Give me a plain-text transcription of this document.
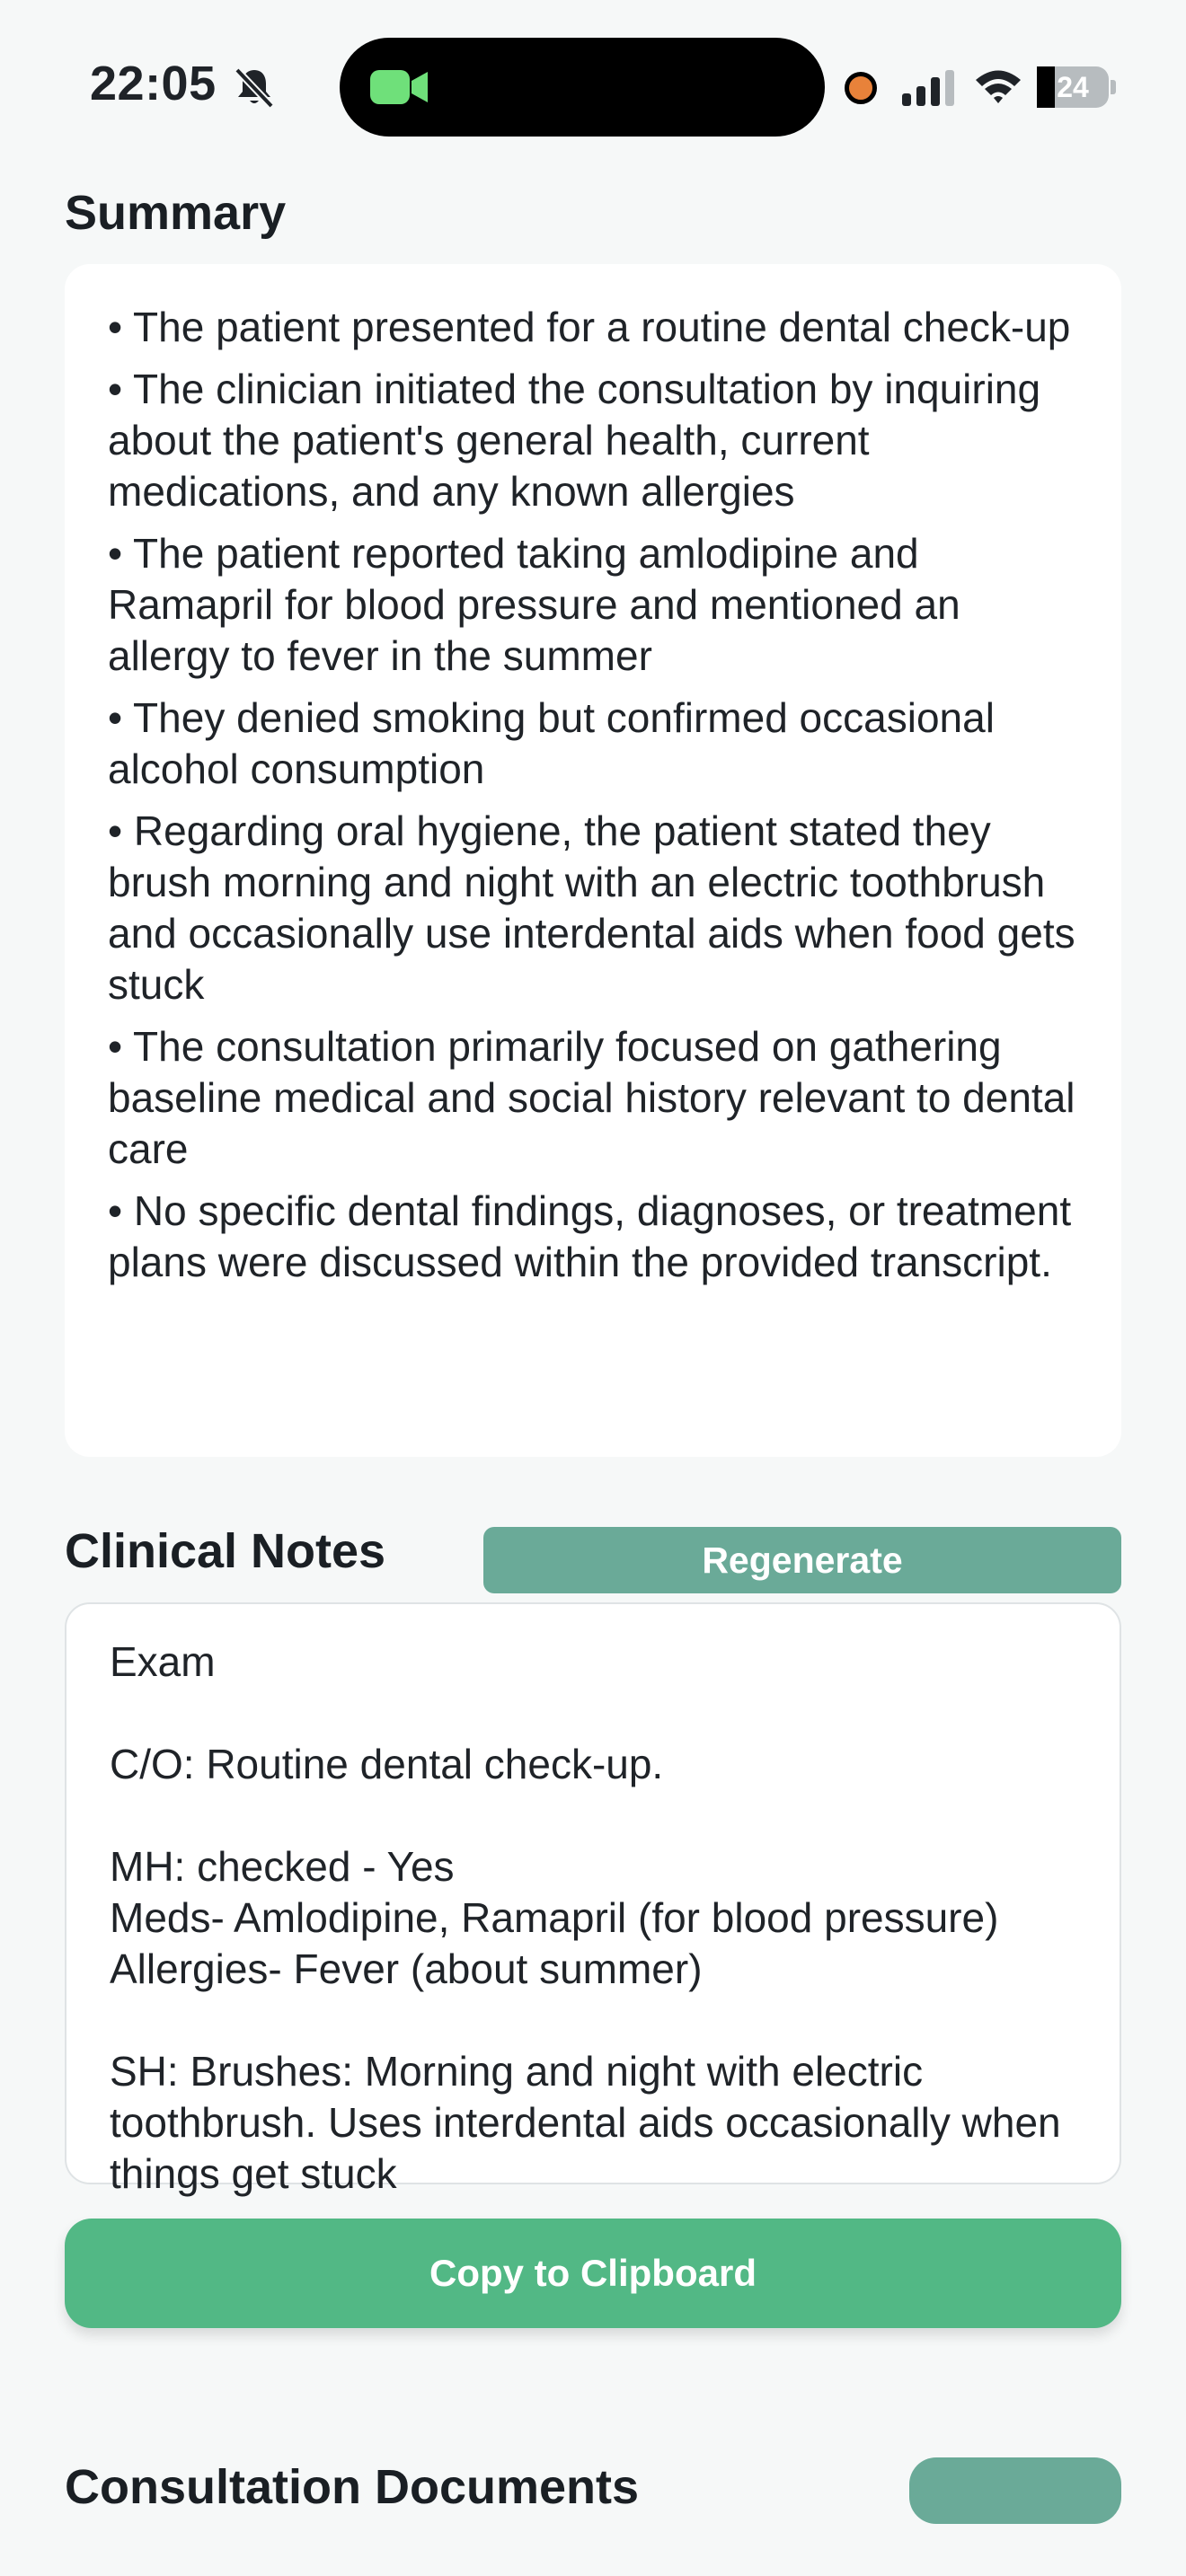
22:05	24
Summary
• The patient presented for a routine dental check-up
• The clinician initiated the consultation by inquiring about the patient's general health, current medications, and any known allergies
• The patient reported taking amlodipine and Ramapril for blood pressure and mentioned an allergy to fever in the summer
• They denied smoking but confirmed occasional alcohol consumption
• Regarding oral hygiene, the patient stated they brush morning and night with an electric toothbrush and occasionally use interdental aids when food gets stuck
• The consultation primarily focused on gathering baseline medical and social history relevant to dental care
• No specific dental findings, diagnoses, or treatment plans were discussed within the provided transcript.
Clinical Notes	Regenerate
Exam

C/O: Routine dental check-up.

MH: checked - Yes
Meds- Amlodipine, Ramapril (for blood pressure)
Allergies- Fever (about summer)

SH: Brushes: Morning and night with electric toothbrush. Uses interdental aids occasionally when things get stuck
Copy to Clipboard
Consultation Documents
